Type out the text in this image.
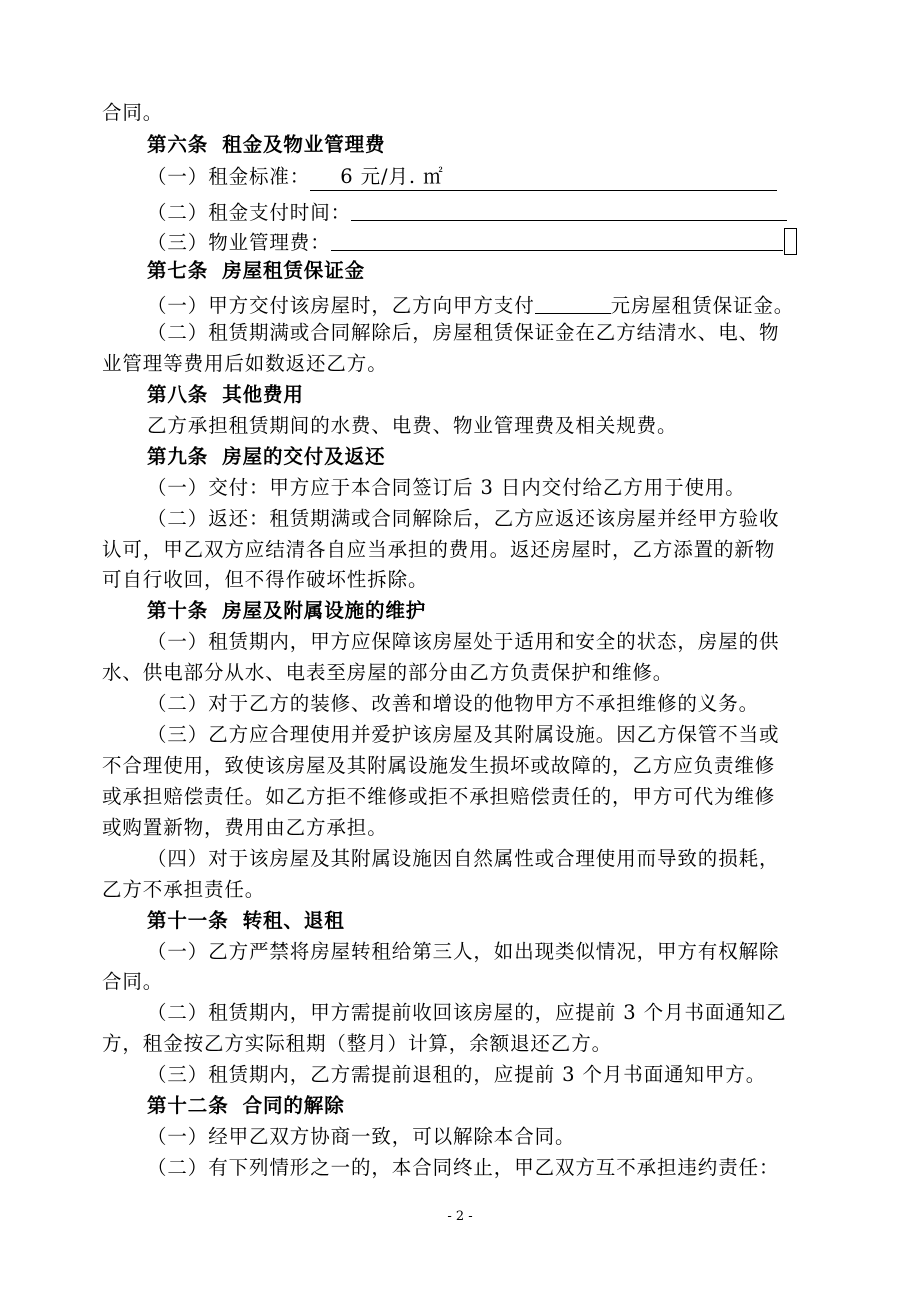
合同。
第六条 租金及物业管理费
（一）租金标准： 6 元/月. ㎡
（二）租金支付时间：
（三）物业管理费：
第七条 房屋租赁保证金
（一）甲方交付该房屋时，乙方向甲方支付	元房屋租赁保证金。
（二）租赁期满或合同解除后，房屋租赁保证金在乙方结清水、电、物
业管理等费用后如数返还乙方。
第八条 其他费用
乙方承担租赁期间的水费、电费、物业管理费及相关规费。
第九条 房屋的交付及返还
（一）交付：甲方应于本合同签订后 3 日内交付给乙方用于使用。
（二）返还：租赁期满或合同解除后，乙方应返还该房屋并经甲方验收
认可，甲乙双方应结清各自应当承担的费用。返还房屋时，乙方添置的新物
可自行收回，但不得作破坏性拆除。
第十条 房屋及附属设施的维护
（一）租赁期内，甲方应保障该房屋处于适用和安全的状态，房屋的供
水、供电部分从水、电表至房屋的部分由乙方负责保护和维修。
（二）对于乙方的装修、改善和增设的他物甲方不承担维修的义务。
（三）乙方应合理使用并爱护该房屋及其附属设施。因乙方保管不当或
不合理使用，致使该房屋及其附属设施发生损坏或故障的，乙方应负责维修
或承担赔偿责任。如乙方拒不维修或拒不承担赔偿责任的，甲方可代为维修
或购置新物，费用由乙方承担。
（四）对于该房屋及其附属设施因自然属性或合理使用而导致的损耗，
乙方不承担责任。
第十一条 转租、退租
（一）乙方严禁将房屋转租给第三人，如出现类似情况，甲方有权解除
合同。
（二）租赁期内，甲方需提前收回该房屋的，应提前 3 个月书面通知乙
方，租金按乙方实际租期（整月）计算，余额退还乙方。
（三）租赁期内，乙方需提前退租的，应提前 3 个月书面通知甲方。
第十二条 合同的解除
（一）经甲乙双方协商一致，可以解除本合同。
（二）有下列情形之一的，本合同终止，甲乙双方互不承担违约责任：
- 2 -
